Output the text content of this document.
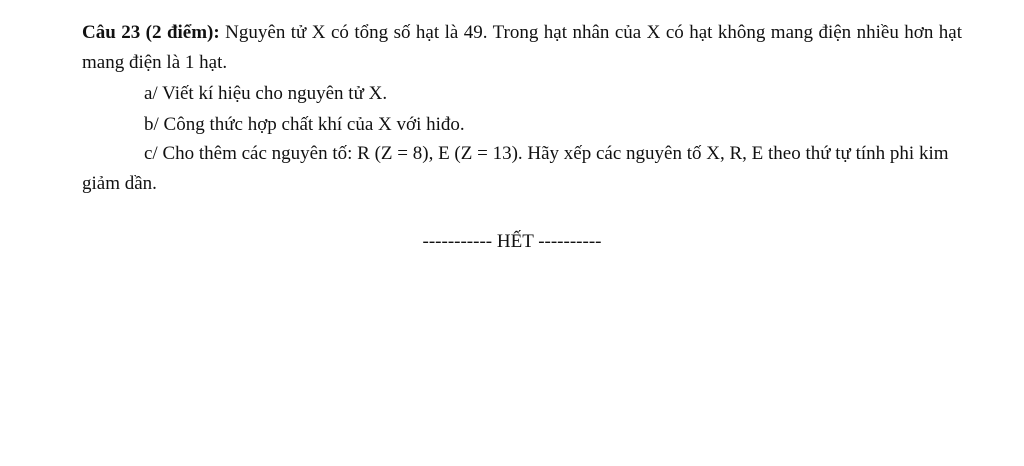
Câu 23 (2 điểm): Nguyên tử X có tổng số hạt là 49. Trong hạt nhân của X có hạt không mang điện nhiều hơn hạt mang điện là 1 hạt.

a/ Viết kí hiệu cho nguyên tử X.

b/ Công thức hợp chất khí của X với hiđo.

c/ Cho thêm các nguyên tố: R (Z = 8), E (Z = 13). Hãy xếp các nguyên tố X, R, E theo thứ tự tính phi kim giảm dần.

----------- HẾT ----------
